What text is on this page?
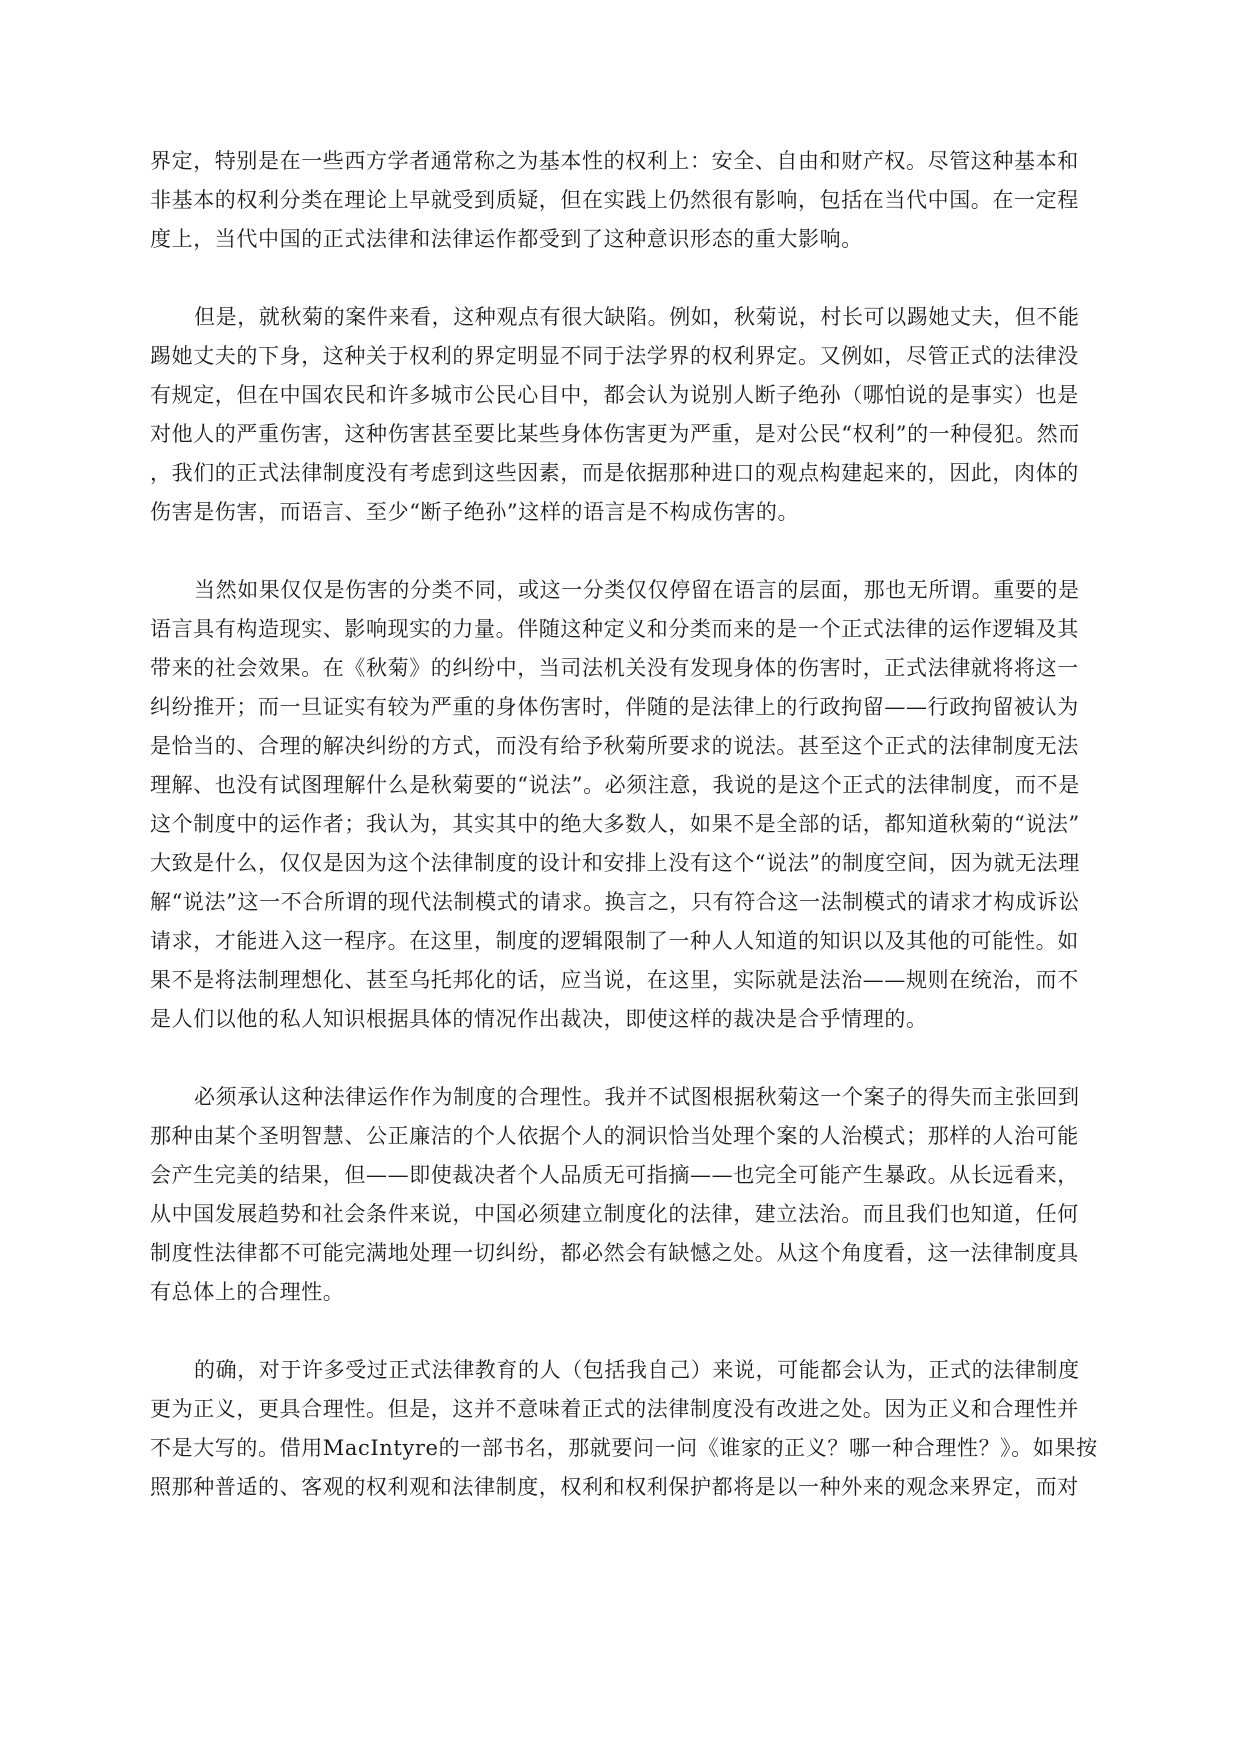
界定，特别是在一些西方学者通常称之为基本性的权利上：安全、自由和财产权。尽管这种基本和
非基本的权利分类在理论上早就受到质疑，但在实践上仍然很有影响，包括在当代中国。在一定程
度上，当代中国的正式法律和法律运作都受到了这种意识形态的重大影响。
但是，就秋菊的案件来看，这种观点有很大缺陷。例如，秋菊说，村长可以踢她丈夫，但不能
踢她丈夫的下身，这种关于权利的界定明显不同于法学界的权利界定。又例如，尽管正式的法律没
有规定，但在中国农民和许多城市公民心目中，都会认为说别人断子绝孙（哪怕说的是事实）也是
对他人的严重伤害，这种伤害甚至要比某些身体伤害更为严重，是对公民“权利”的一种侵犯。然而
，我们的正式法律制度没有考虑到这些因素，而是依据那种进口的观点构建起来的，因此，肉体的
伤害是伤害，而语言、至少“断子绝孙”这样的语言是不构成伤害的。
当然如果仅仅是伤害的分类不同，或这一分类仅仅停留在语言的层面，那也无所谓。重要的是
语言具有构造现实、影响现实的力量。伴随这种定义和分类而来的是一个正式法律的运作逻辑及其
带来的社会效果。在《秋菊》的纠纷中，当司法机关没有发现身体的伤害时，正式法律就将将这一
纠纷推开；而一旦证实有较为严重的身体伤害时，伴随的是法律上的行政拘留——行政拘留被认为
是恰当的、合理的解决纠纷的方式，而没有给予秋菊所要求的说法。甚至这个正式的法律制度无法
理解、也没有试图理解什么是秋菊要的“说法”。必须注意，我说的是这个正式的法律制度，而不是
这个制度中的运作者；我认为，其实其中的绝大多数人，如果不是全部的话，都知道秋菊的“说法”
大致是什么，仅仅是因为这个法律制度的设计和安排上没有这个“说法”的制度空间，因为就无法理
解“说法”这一不合所谓的现代法制模式的请求。换言之，只有符合这一法制模式的请求才构成诉讼
请求，才能进入这一程序。在这里，制度的逻辑限制了一种人人知道的知识以及其他的可能性。如
果不是将法制理想化、甚至乌托邦化的话，应当说，在这里，实际就是法治——规则在统治，而不
是人们以他的私人知识根据具体的情况作出裁决，即使这样的裁决是合乎情理的。
必须承认这种法律运作作为制度的合理性。我并不试图根据秋菊这一个案子的得失而主张回到
那种由某个圣明智慧、公正廉洁的个人依据个人的洞识恰当处理个案的人治模式；那样的人治可能
会产生完美的结果，但——即使裁决者个人品质无可指摘——也完全可能产生暴政。从长远看来，
从中国发展趋势和社会条件来说，中国必须建立制度化的法律，建立法治。而且我们也知道，任何
制度性法律都不可能完满地处理一切纠纷，都必然会有缺憾之处。从这个角度看，这一法律制度具
有总体上的合理性。
的确，对于许多受过正式法律教育的人（包括我自己）来说，可能都会认为，正式的法律制度
更为正义，更具合理性。但是，这并不意味着正式的法律制度没有改进之处。因为正义和合理性并
不是大写的。借用MacIntyre的一部书名，那就要问一问《谁家的正义？哪一种合理性？》。如果按
照那种普适的、客观的权利观和法律制度，权利和权利保护都将是以一种外来的观念来界定，而对
